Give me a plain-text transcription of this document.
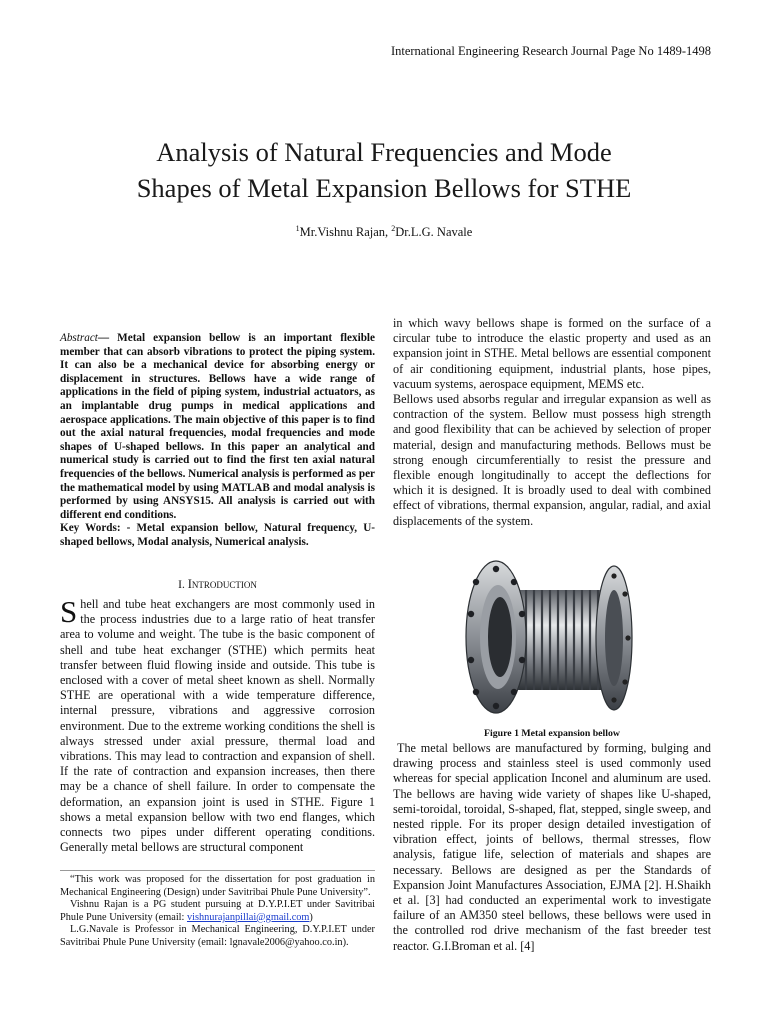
International Engineering Research Journal Page No 1489-1498
Analysis of Natural Frequencies and Mode
Shapes of Metal Expansion Bellows for STHE
$^1$Mr.Vishnu Rajan, $^2$Dr.L.G. Navale
Abstract— Metal expansion bellow is an important flexible member that can absorb vibrations to protect the piping system. It can also be a mechanical device for absorbing energy or displacement in structures. Bellows have a wide range of applications in the field of piping system, industrial actuators, as an implantable drug pumps in medical applications and aerospace applications. The main objective of this paper is to find out the axial natural frequencies, modal frequencies and mode shapes of U-shaped bellows. In this paper an analytical and numerical study is carried out to find the first ten axial natural frequencies of the bellows. Numerical analysis is performed as per the mathematical model by using MATLAB and modal analysis is performed by using ANSYS15. All analysis is carried out with different end conditions.
Key Words: - Metal expansion bellow, Natural frequency, U-shaped bellows, Modal analysis, Numerical analysis.
I. Introduction
Shell and tube heat exchangers are most commonly used in the process industries due to a large ratio of heat transfer area to volume and weight. The tube is the basic component of shell and tube heat exchanger (STHE) which permits heat transfer between fluid flowing inside and outside. This tube is enclosed with a cover of metal sheet known as shell. Normally STHE are operational with a wide temperature difference, internal pressure, vibrations and aggressive corrosion environment. Due to the extreme working conditions the shell is always stressed under axial pressure, thermal load and vibrations. This may lead to contraction and expansion of shell. If the rate of contraction and expansion increases, then there may be a chance of shell failure. In order to compensate the deformation, an expansion joint is used in STHE. Figure 1 shows a metal expansion bellow with two end flanges, which connects two pipes under different operating conditions. Generally metal bellows are structural component

“This work was proposed for the dissertation for post graduation in Mechanical Engineering (Design) under Savitribai Phule Pune University”.

Vishnu Rajan is a PG student pursuing at D.Y.P.I.ET under Savitribai Phule Pune University (email: vishnurajanpillai@gmail.com)

L.G.Navale is Professor in Mechanical Engineering, D.Y.P.I.ET under Savitribai Phule Pune University (email: lgnavale2006@yahoo.co.in).

in which wavy bellows shape is formed on the surface of a circular tube to introduce the elastic property and used as an expansion joint in STHE. Metal bellows are essential component of air conditioning equipment, industrial plants, hose pipes, vacuum systems, aerospace equipment, MEMS etc.

Bellows used absorbs regular and irregular expansion as well as contraction of the system. Bellow must possess high strength and good flexibility that can be achieved by selection of proper material, design and manufacturing methods. Bellows must be strong enough circumferentially to resist the pressure and flexible enough longitudinally to accept the deflections for which it is designed. It is broadly used to deal with combined effect of vibrations, thermal expansion, angular, radial, and axial displacements of the system.

Figure 1 Metal expansion bellow

The metal bellows are manufactured by forming, bulging and drawing process and stainless steel is used commonly used whereas for special application Inconel and aluminum are used. The bellows are having wide variety of shapes like U-shaped, semi-toroidal, toroidal, S-shaped, flat, stepped, single sweep, and nested ripple. For its proper design detailed investigation of vibration effect, joints of bellows, thermal stresses, flow analysis, fatigue life, selection of materials and shapes are necessary. Bellows are designed as per the Standards of Expansion Joint Manufactures Association, EJMA [2]. H.Shaikh et al. [3] had conducted an experimental work to investigate failure of an AM350 steel bellows, these bellows were used in the controlled rod drive mechanism of the fast breeder test reactor. G.I.Broman et al. [4]
